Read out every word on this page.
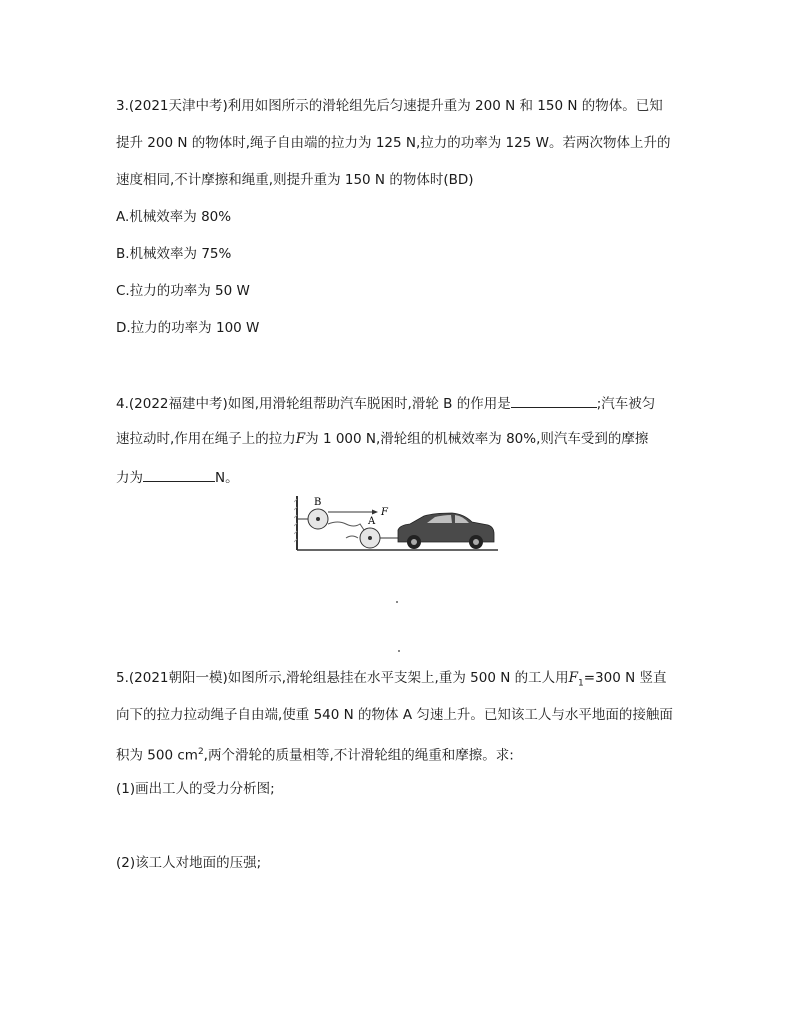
3.(2021天津中考)利用如图所示的滑轮组先后匀速提升重为 200 N 和 150 N 的物体。已知
提升 200 N 的物体时,绳子自由端的拉力为 125 N,拉力的功率为 125 W。若两次物体上升的
速度相同,不计摩擦和绳重,则提升重为 150 N 的物体时(BD)
A.机械效率为 80%
B.机械效率为 75%
C.拉力的功率为 50 W
D.拉力的功率为 100 W
4.(2022福建中考)如图,用滑轮组帮助汽车脱困时,滑轮 B 的作用是	;汽车被匀
速拉动时,作用在绳子上的拉力F为 1 000 N,滑轮组的机械效率为 80%,则汽车受到的摩擦
力为	N。
B
F
A
5.(2021朝阳一模)如图所示,滑轮组悬挂在水平支架上,重为 500 N 的工人用$F_1=300$ N 竖直
向下的拉力拉动绳子自由端,使重 540 N 的物体 A 匀速上升。已知该工人与水平地面的接触面
积为 500 $cm^2$,两个滑轮的质量相等,不计滑轮组的绳重和摩擦。求:
(1)画出工人的受力分析图;
(2)该工人对地面的压强;
